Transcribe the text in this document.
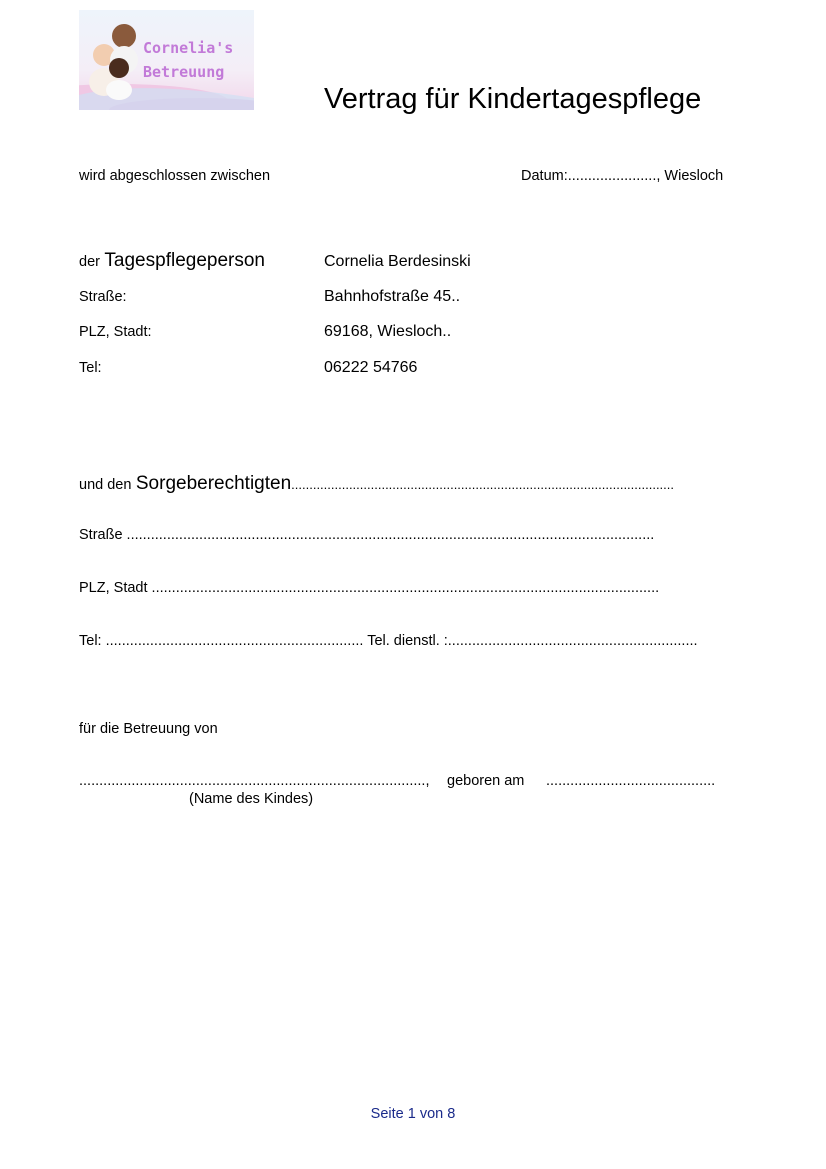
Cornelia's
Betreuung
Vertrag für Kindertagespflege
wird abgeschlossen zwischen	Datum:......................, Wiesloch
der Tagespflegeperson	Cornelia Berdesinski
Straße:	Bahnhofstraße 45..
PLZ, Stadt:	69168, Wiesloch..
Tel:	06222 54766
und den Sorgeberechtigten..........................................................................................................
Straße ...................................................................................................................................
PLZ, Stadt ..............................................................................................................................
Tel: ................................................................ Tel. dienstl. :..............................................................
für die Betreuung von
......................................................................................, geboren am ..........................................
(Name des Kindes)
Seite 1 von 8
